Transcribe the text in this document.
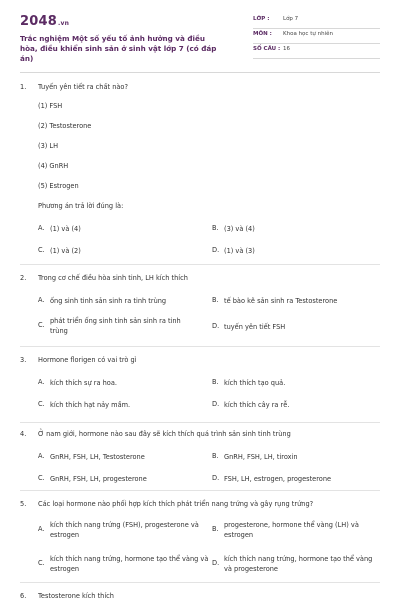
2048.vn
Trắc nghiệm Một số yếu tố ảnh hưởng và điều hòa, điều khiển sinh sản ở sinh vật lớp 7 (có đáp án)
LỚP : Lớp 7
MÔN : Khoa học tự nhiên
SỐ CÂU : 16
1. Tuyến yên tiết ra chất nào?
(1) FSH
(2) Testosterone
(3) LH
(4) GnRH
(5) Estrogen
Phương án trả lời đúng là:
A. (1) và (4)	B. (3) và (4)
C. (1) và (2)	D. (1) và (3)
2. Trong cơ chế điều hòa sinh tinh, LH kích thích
A. ống sinh tinh sản sinh ra tinh trùng	B. tế bào kẽ sản sinh ra Testosterone
C. phát triển ống sinh tinh sản sinh ra tinh trùng
D. tuyến yên tiết FSH
3. Hormone florigen có vai trò gì
A. kích thích sự ra hoa.	B. kích thích tạo quả.
C. kích thích hạt nảy mầm.	D. kích thích cây ra rễ.
4. Ở nam giới, hormone nào sau đây sẽ kích thích quá trình sản sinh tinh trùng
A. GnRH, FSH, LH, Testosterone	B. GnRH, FSH, LH, tiroxin
C. GnRH, FSH, LH, progesterone	D. FSH, LH, estrogen, progesterone
5. Các loại hormone nào phối hợp kích thích phát triển nang trứng và gây rụng trứng?
A. kích thích nang trứng (FSH), progesterone và estrogen
B. progesterone, hormone thể vàng (LH) và estrogen
C. kích thích nang trứng, hormone tạo thể vàng và estrogen
D. kích thích nang trứng, hormone tạo thể vàng và progesterone
6. Testosterone kích thích
